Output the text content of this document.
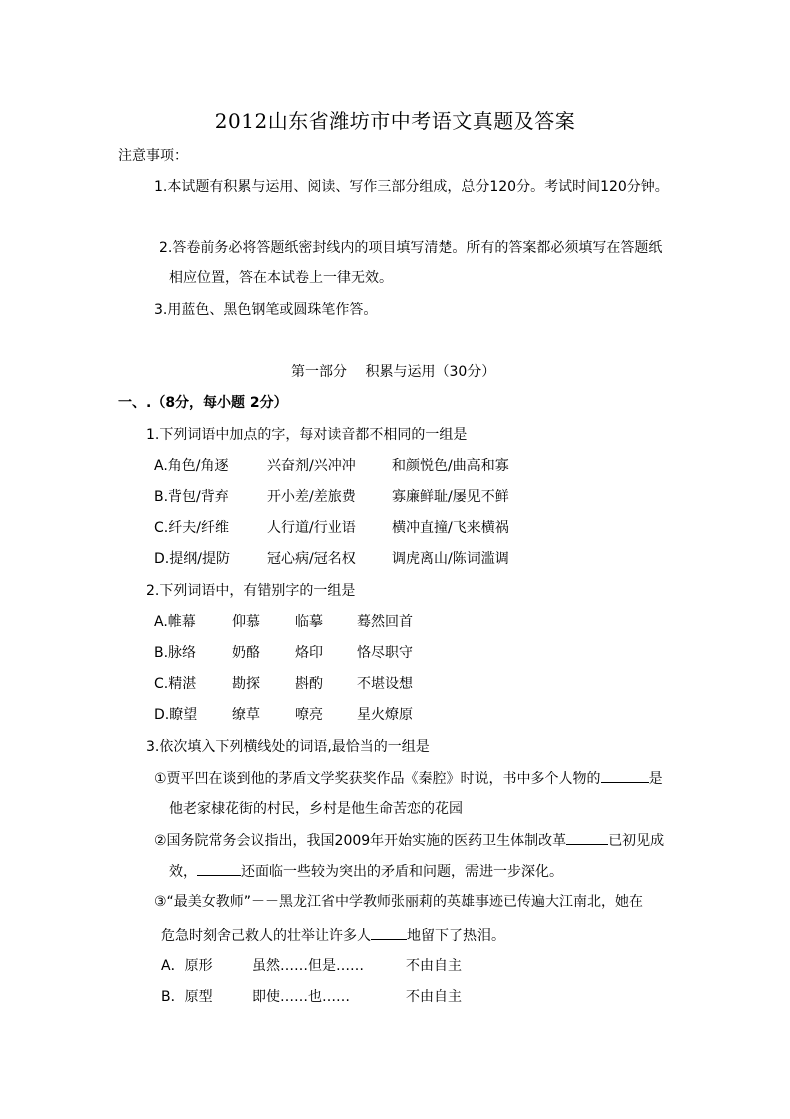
2012山东省潍坊市中考语文真题及答案
注意事项：
1.本试题有积累与运用、阅读、写作三部分组成，总分120分。考试时间120分钟。
2.答卷前务必将答题纸密封线内的项目填写清楚。所有的答案都必须填写在答题纸
相应位置，答在本试卷上一律无效。
3.用蓝色、黑色钢笔或圆珠笔作答。
第一部分　 积累与运用（30分）
一、.（8分，每小题 2分）
1.下列词语中加点的字，每对读音都不相同的一组是
A.角色/角逐	兴奋剂/兴冲冲	和颜悦色/曲高和寡
B.背包/背弃	开小差/差旅费	寡廉鲜耻/屡见不鲜
C.纤夫/纤维	人行道/行业语	横冲直撞/飞来横祸
D.提纲/提防	冠心病/冠名权	调虎离山/陈词滥调
2.下列词语中，有错别字的一组是
A.帷幕	仰慕	临摹 蓦然回首
B.脉络	奶酪	烙印 恪尽职守
C.精湛	勘探	斟酌 不堪设想
D.瞭望 缭草	嘹亮 星火燎原
3.依次填入下列横线处的词语,最恰当的一组是
①贾平凹在谈到他的茅盾文学奖获奖作品《秦腔》时说，书中多个人物的	是
他老家棣花街的村民，乡村是他生命苦恋的花园
②国务院常务会议指出，我国2009年开始实施的医药卫生体制改革	已初见成
效，	还面临一些较为突出的矛盾和问题，需进一步深化。
③“最美女教师”－－黑龙江省中学教师张丽莉的英雄事迹已传遍大江南北，她在
危急时刻舍己救人的壮举让许多人	地留下了热泪。
A．原形	虽然……但是……	不由自主
B．原型	即使……也……	不由自主
